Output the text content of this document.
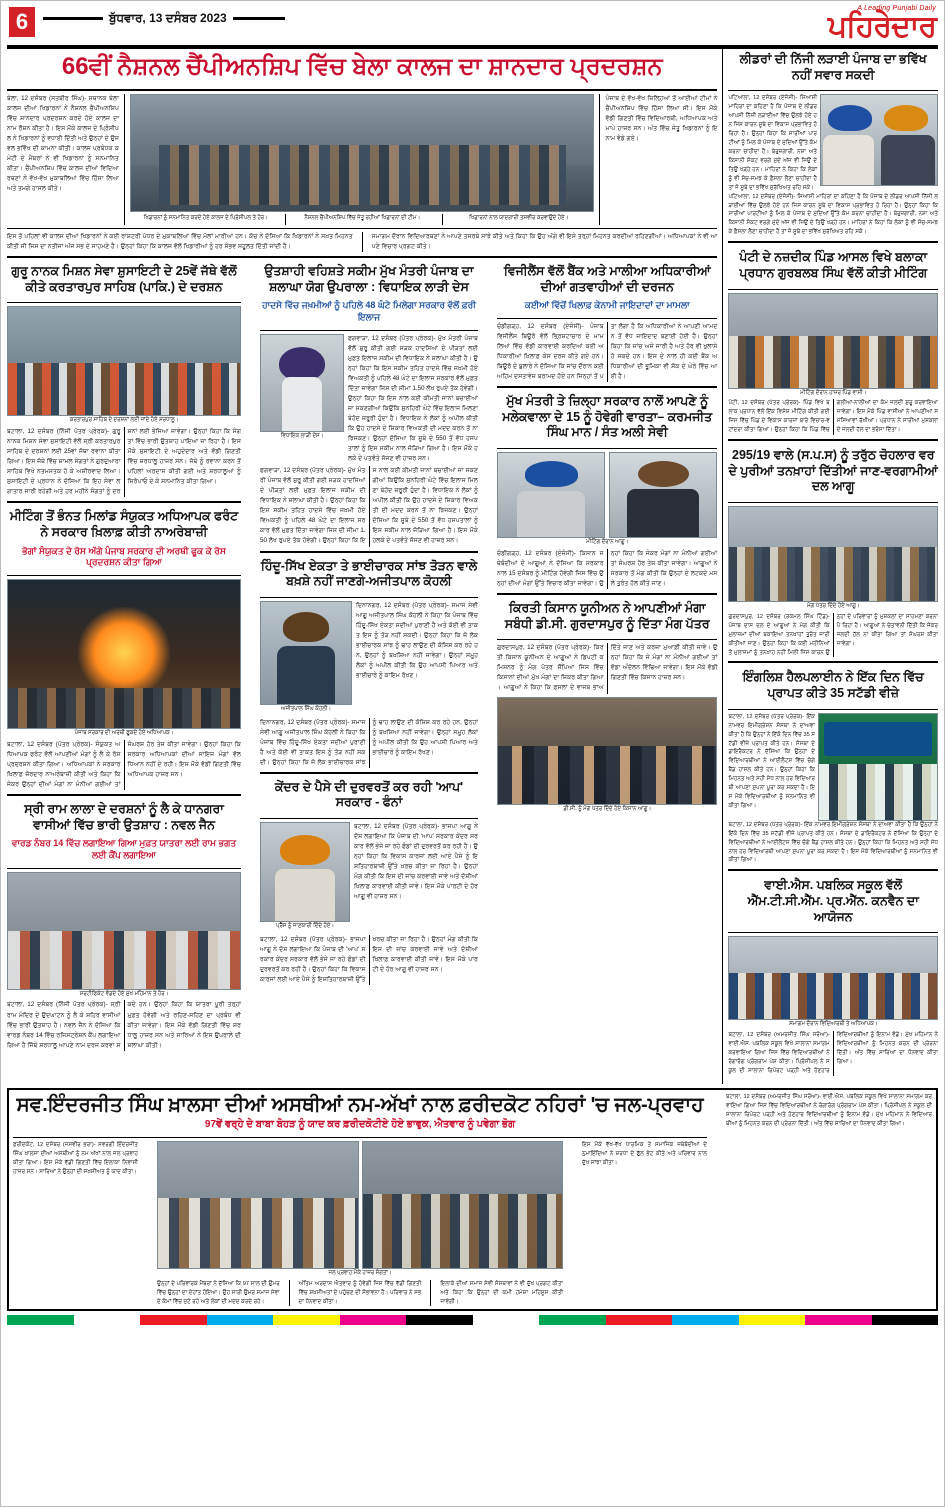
6	ਬੁੱਧਵਾਰ, 13 ਦਸੰਬਰ 2023
A Leading Punjabi Daily
ਪਹਿਰੇਦਾਰ
66ਵੀਂ ਨੈਸ਼ਨਲ ਚੈਂਪੀਅਨਸ਼ਿਪ ਵਿੱਚ ਬੇਲਾ ਕਾਲਜ ਦਾ ਸ਼ਾਨਦਾਰ ਪ੍ਰਦਰਸ਼ਨ
ਬੇਲਾ, 12 ਦਸੰਬਰ (ਸਤਬੀਰ ਸਿੰਘ)- ਸਥਾਨਕ ਬੇਲਾ ਕਾਲਜ ਦੀਆਂ ਖਿਡਾਰਨਾਂ ਨੇ ਨੈਸ਼ਨਲ ਚੈਂਪੀਅਨਸ਼ਿਪ ਵਿੱਚ ਸ਼ਾਨਦਾਰ ਪ੍ਰਦਰਸ਼ਨ ਕਰਦੇ ਹੋਏ ਕਾਲਜ ਦਾ ਨਾਮ ਰੌਸ਼ਨ ਕੀਤਾ ਹੈ। ਇਸ ਮੌਕੇ ਕਾਲਜ ਦੇ ਪ੍ਰਿੰਸੀਪਲ ਨੇ ਖਿਡਾਰਨਾਂ ਨੂੰ ਵਧਾਈ ਦਿੱਤੀ ਅਤੇ ਉਨ੍ਹਾਂ ਦੇ ਉਜਵਲ ਭਵਿੱਖ ਦੀ ਕਾਮਨਾ ਕੀਤੀ। ਕਾਲਜ ਪ੍ਰਬੰਧਕ ਕਮੇਟੀ ਦੇ ਮੈਂਬਰਾਂ ਨੇ ਵੀ ਖਿਡਾਰਨਾਂ ਨੂੰ ਸਨਮਾਨਿਤ ਕੀਤਾ। ਚੈਂਪੀਅਨਸ਼ਿਪ ਵਿੱਚ ਕਾਲਜ ਦੀਆਂ ਵਿਦਿਆਰਥਣਾਂ ਨੇ ਵੱਖ-ਵੱਖ ਮੁਕਾਬਲਿਆਂ ਵਿੱਚ ਹਿੱਸਾ ਲਿਆ ਅਤੇ ਤਮਗੇ ਹਾਸਲ ਕੀਤੇ।
ਖਿਡਾਰਨਾਂ ਨੂੰ ਸਨਮਾਨਿਤ ਕਰਦੇ ਹੋਏ ਕਾਲਜ ਦੇ ਪ੍ਰਿੰਸੀਪਲ ਤੇ ਹੋਰ।	ਨੈਸ਼ਨਲ ਚੈਂਪੀਅਨਸ਼ਿਪ ਵਿੱਚ ਜੇਤੂ ਰਹੀਆਂ ਖਿਡਾਰਨਾਂ ਦੀ ਟੀਮ।	ਖਿਡਾਰਨਾਂ ਨਾਲ ਯਾਦਗਾਰੀ ਤਸਵੀਰ ਕਰਵਾਉਂਦੇ ਹੋਏ।
ਪੰਜਾਬ ਦੇ ਵੱਖ-ਵੱਖ ਜ਼ਿਲ੍ਹਿਆਂ ਤੋਂ ਆਈਆਂ ਟੀਮਾਂ ਨੇ ਚੈਂਪੀਅਨਸ਼ਿਪ ਵਿੱਚ ਹਿੱਸਾ ਲਿਆ ਸੀ। ਇਸ ਮੌਕੇ ਵੱਡੀ ਗਿਣਤੀ ਵਿੱਚ ਵਿਦਿਆਰਥੀ, ਅਧਿਆਪਕ ਅਤੇ ਮਾਪੇ ਹਾਜ਼ਰ ਸਨ। ਅੰਤ ਵਿੱਚ ਜੇਤੂ ਖਿਡਾਰਨਾਂ ਨੂੰ ਇਨਾਮ ਵੰਡੇ ਗਏ।
ਇਸ ਤੋਂ ਪਹਿਲਾਂ ਵੀ ਕਾਲਜ ਦੀਆਂ ਖਿਡਾਰਨਾਂ ਨੇ ਕਈ ਰਾਸ਼ਟਰੀ ਪੱਧਰ ਦੇ ਮੁਕਾਬਲਿਆਂ ਵਿੱਚ ਮੱਲਾਂ ਮਾਰੀਆਂ ਹਨ। ਕੋਚ ਨੇ ਦੱਸਿਆ ਕਿ ਖਿਡਾਰਨਾਂ ਨੇ ਸਖ਼ਤ ਮਿਹਨਤ ਕੀਤੀ ਸੀ ਜਿਸ ਦਾ ਨਤੀਜਾ ਅੱਜ ਸਭ ਦੇ ਸਾਹਮਣੇ ਹੈ। ਉਨ੍ਹਾਂ ਕਿਹਾ ਕਿ ਕਾਲਜ ਵੱਲੋਂ ਖਿਡਾਰੀਆਂ ਨੂੰ ਹਰ ਸੰਭਵ ਸਹੂਲਤ ਦਿੱਤੀ ਜਾਂਦੀ ਹੈ।
ਸਮਾਗਮ ਦੌਰਾਨ ਵਿਦਿਆਰਥਣਾਂ ਨੇ ਆਪਣੇ ਤਜਰਬੇ ਸਾਂਝੇ ਕੀਤੇ ਅਤੇ ਕਿਹਾ ਕਿ ਉਹ ਅੱਗੇ ਵੀ ਇਸੇ ਤਰ੍ਹਾਂ ਮਿਹਨਤ ਕਰਦੀਆਂ ਰਹਿਣਗੀਆਂ। ਅਧਿਆਪਕਾਂ ਨੇ ਵੀ ਆਪਣੇ ਵਿਚਾਰ ਪ੍ਰਗਟ ਕੀਤੇ।
ਗੁਰੂ ਨਾਨਕ ਮਿਸ਼ਨ ਸੇਵਾ ਸ਼ੁਸਾਇਟੀ ਦੇ 25ਵੇਂ ਜੱਥੇ ਵੱਲੋਂ ਕੀਤੇ ਕਰਤਾਰਪੁਰ ਸਾਹਿਬ (ਪਾਕਿ.) ਦੇ ਦਰਸ਼ਨ
ਕਰਤਾਰਪੁਰ ਸਾਹਿਬ ਦੇ ਦਰਸ਼ਨਾਂ ਲਈ ਜਾਂਦੇ ਹੋਏ ਸ਼ਰਧਾਲੂ।
ਬਟਾਲਾ, 12 ਦਸੰਬਰ (ਨਿੱਜੀ ਪੱਤਰ ਪ੍ਰੇਰਕ)- ਗੁਰੂ ਨਾਨਕ ਮਿਸ਼ਨ ਸੇਵਾ ਸੁਸਾਇਟੀ ਵੱਲੋਂ ਸ੍ਰੀ ਕਰਤਾਰਪੁਰ ਸਾਹਿਬ ਦੇ ਦਰਸ਼ਨਾਂ ਲਈ 25ਵਾਂ ਜੱਥਾ ਰਵਾਨਾ ਕੀਤਾ ਗਿਆ। ਇਸ ਜੱਥੇ ਵਿੱਚ ਸ਼ਾਮਲ ਸੰਗਤਾਂ ਨੇ ਗੁਰਦੁਆਰਾ ਸਾਹਿਬ ਵਿਖੇ ਨਤਮਸਤਕ ਹੋ ਕੇ ਅਸ਼ੀਰਵਾਦ ਲਿਆ। ਸੁਸਾਇਟੀ ਦੇ ਪ੍ਰਧਾਨ ਨੇ ਦੱਸਿਆ ਕਿ ਇਹ ਸੇਵਾ ਲਗਾਤਾਰ ਜਾਰੀ ਰਹੇਗੀ ਅਤੇ ਹਰ ਮਹੀਨੇ ਸੰਗਤਾਂ ਨੂੰ ਦਰਸ਼ਨਾਂ ਲਈ ਭੇਜਿਆ ਜਾਵੇਗਾ। ਉਨ੍ਹਾਂ ਕਿਹਾ ਕਿ ਸੰਗਤਾਂ ਵਿੱਚ ਭਾਰੀ ਉਤਸ਼ਾਹ ਪਾਇਆ ਜਾ ਰਿਹਾ ਹੈ। ਇਸ ਮੌਕੇ ਸੁਸਾਇਟੀ ਦੇ ਅਹੁਦੇਦਾਰ ਅਤੇ ਵੱਡੀ ਗਿਣਤੀ ਵਿੱਚ ਸ਼ਰਧਾਲੂ ਹਾਜ਼ਰ ਸਨ। ਜੱਥੇ ਨੂੰ ਰਵਾਨਾ ਕਰਨ ਤੋਂ ਪਹਿਲਾਂ ਅਰਦਾਸ ਕੀਤੀ ਗਈ ਅਤੇ ਸ਼ਰਧਾਲੂਆਂ ਨੂੰ ਸਿਰੋਪਾਓ ਦੇ ਕੇ ਸਨਮਾਨਿਤ ਕੀਤਾ ਗਿਆ।
ਮੀਟਿੰਗ ਤੋਂ ਭੰਨਤ ਮਿਲਾਂਡ ਸੰਯੁਕਤ ਅਧਿਆਪਕ ਫਰੰਟ ਨੇ ਸਰਕਾਰ ਖ਼ਿਲਾਫ਼ ਕੀਤੀ ਨਾਅਰੇਬਾਜ਼ੀ
ਭੋਗਾਂ ਸੰਯੁਕਤ ਦੇ ਰੋਸ ਅੱਗੇ ਪੰਜਾਬ ਸਰਕਾਰ ਦੀ ਅਰਥੀ ਫੂਕ ਕੇ ਰੋਸ ਪ੍ਰਦਰਸ਼ਨ ਕੀਤਾ ਗਿਆ
ਪੰਜਾਬ ਸਰਕਾਰ ਦੀ ਅਰਥੀ ਫੂਕਦੇ ਹੋਏ ਅਧਿਆਪਕ।
ਬਟਾਲਾ, 12 ਦਸੰਬਰ (ਪੱਤਰ ਪ੍ਰੇਰਕ)- ਸੰਯੁਕਤ ਅਧਿਆਪਕ ਫਰੰਟ ਵੱਲੋਂ ਆਪਣੀਆਂ ਮੰਗਾਂ ਨੂੰ ਲੈ ਕੇ ਰੋਸ ਪ੍ਰਦਰਸ਼ਨ ਕੀਤਾ ਗਿਆ। ਅਧਿਆਪਕਾਂ ਨੇ ਸਰਕਾਰ ਖ਼ਿਲਾਫ਼ ਜ਼ੋਰਦਾਰ ਨਾਅਰੇਬਾਜ਼ੀ ਕੀਤੀ ਅਤੇ ਕਿਹਾ ਕਿ ਜੇਕਰ ਉਨ੍ਹਾਂ ਦੀਆਂ ਮੰਗਾਂ ਨਾ ਮੰਨੀਆਂ ਗਈਆਂ ਤਾਂ ਸੰਘਰਸ਼ ਹੋਰ ਤੇਜ਼ ਕੀਤਾ ਜਾਵੇਗਾ। ਉਨ੍ਹਾਂ ਕਿਹਾ ਕਿ ਸਰਕਾਰ ਅਧਿਆਪਕਾਂ ਦੀਆਂ ਜਾਇਜ਼ ਮੰਗਾਂ ਵੱਲ ਧਿਆਨ ਨਹੀਂ ਦੇ ਰਹੀ। ਇਸ ਮੌਕੇ ਵੱਡੀ ਗਿਣਤੀ ਵਿੱਚ ਅਧਿਆਪਕ ਹਾਜ਼ਰ ਸਨ।
ਸ੍ਰੀ ਰਾਮ ਲਾਲਾ ਦੇ ਦਰਸ਼ਨਾਂ ਨੂੰ ਲੈ ਕੇ ਧਾਨਗਰਾ ਵਾਸੀਆਂ ਵਿੱਚ ਭਾਰੀ ਉਤਸ਼ਾਹ : ਨਵਲ ਜੈਨ
ਵਾਰਡ ਨੰਬਰ 14 ਵਿੱਚ ਲਗਾਇਆ ਗਿਆ ਮੁਫ਼ਤ ਯਾਤਰਾ ਲਈ ਰਾਮ ਭਗਤ ਲਈ ਕੈਂਪ ਲਗਾਇਆ
ਸਰਟੀਫਿਕੇਟ ਵੰਡਦੇ ਹੋਏ ਮੁੱਖ ਮਹਿਮਾਨ ਤੇ ਹੋਰ।
ਬਟਾਲਾ, 12 ਦਸੰਬਰ (ਨਿੱਜੀ ਪੱਤਰ ਪ੍ਰੇਰਕ)- ਸ੍ਰੀ ਰਾਮ ਮੰਦਿਰ ਦੇ ਉਦਘਾਟਨ ਨੂੰ ਲੈ ਕੇ ਸ਼ਹਿਰ ਵਾਸੀਆਂ ਵਿੱਚ ਭਾਰੀ ਉਤਸ਼ਾਹ ਹੈ। ਨਵਲ ਜੈਨ ਨੇ ਦੱਸਿਆ ਕਿ ਵਾਰਡ ਨੰਬਰ 14 ਵਿੱਚ ਰਜਿਸਟ੍ਰੇਸ਼ਨ ਕੈਂਪ ਲਗਾਇਆ ਗਿਆ ਹੈ ਜਿੱਥੇ ਸ਼ਰਧਾਲੂ ਆਪਣੇ ਨਾਮ ਦਰਜ ਕਰਵਾ ਸਕਦੇ ਹਨ। ਉਨ੍ਹਾਂ ਕਿਹਾ ਕਿ ਯਾਤਰਾ ਪੂਰੀ ਤਰ੍ਹਾਂ ਮੁਫ਼ਤ ਹੋਵੇਗੀ ਅਤੇ ਰਹਿਣ-ਸਹਿਣ ਦਾ ਪ੍ਰਬੰਧ ਵੀ ਕੀਤਾ ਜਾਵੇਗਾ। ਇਸ ਮੌਕੇ ਵੱਡੀ ਗਿਣਤੀ ਵਿੱਚ ਸ਼ਰਧਾਲੂ ਹਾਜ਼ਰ ਸਨ ਅਤੇ ਸਾਰਿਆਂ ਨੇ ਇਸ ਉਪਰਾਲੇ ਦੀ ਸ਼ਲਾਘਾ ਕੀਤੀ।
ਉਤਸ਼ਾਹੀ ਵਹਿਸ਼ਤੇ ਸਕੀਮ ਮੁੱਖ ਮੰਤਰੀ ਪੰਜਾਬ ਦਾ ਸ਼ਲਾਘਾ ਯੋਗ ਉਪਰਾਲਾ : ਵਿਧਾਇਕ ਲਾੜੀ ਦੇਸ
ਹਾਦਸੇ ਵਿੱਚ ਜਖ਼ਮੀਆਂ ਨੂੰ ਪਹਿਲੇ 48 ਘੰਟੇ ਮਿਲੇਗਾ ਸਰਕਾਰ ਵੱਲੋਂ ਫ਼ਰੀ ਇਲਾਜ
ਵਿਧਾਇਕ ਲਾੜੀ ਦੇਸ।
ਫਗਵਾੜਾ, 12 ਦਸੰਬਰ (ਪੱਤਰ ਪ੍ਰੇਰਕ)- ਮੁੱਖ ਮੰਤਰੀ ਪੰਜਾਬ ਵੱਲੋਂ ਸ਼ੁਰੂ ਕੀਤੀ ਗਈ ਸੜਕ ਹਾਦਸਿਆਂ ਦੇ ਪੀੜਤਾਂ ਲਈ ਮੁਫ਼ਤ ਇਲਾਜ ਸਕੀਮ ਦੀ ਵਿਧਾਇਕ ਨੇ ਸ਼ਲਾਘਾ ਕੀਤੀ ਹੈ। ਉਨ੍ਹਾਂ ਕਿਹਾ ਕਿ ਇਸ ਸਕੀਮ ਤਹਿਤ ਹਾਦਸੇ ਵਿੱਚ ਜਖ਼ਮੀ ਹੋਏ ਵਿਅਕਤੀ ਨੂੰ ਪਹਿਲੇ 48 ਘੰਟੇ ਦਾ ਇਲਾਜ ਸਰਕਾਰ ਵੱਲੋਂ ਮੁਫ਼ਤ ਦਿੱਤਾ ਜਾਵੇਗਾ ਜਿਸ ਦੀ ਸੀਮਾ 1.50 ਲੱਖ ਰੁਪਏ ਤੱਕ ਹੋਵੇਗੀ। ਉਨ੍ਹਾਂ ਕਿਹਾ ਕਿ ਇਸ ਨਾਲ ਕਈ ਕੀਮਤੀ ਜਾਨਾਂ ਬਚਾਈਆਂ ਜਾ ਸਕਣਗੀਆਂ ਕਿਉਂਕਿ ਸੁਨਹਿਰੀ ਘੰਟੇ ਵਿੱਚ ਇਲਾਜ ਮਿਲਣਾ ਬੇਹੱਦ ਜ਼ਰੂਰੀ ਹੁੰਦਾ ਹੈ। ਵਿਧਾਇਕ ਨੇ ਲੋਕਾਂ ਨੂੰ ਅਪੀਲ ਕੀਤੀ ਕਿ ਉਹ ਹਾਦਸੇ ਦੇ ਸ਼ਿਕਾਰ ਵਿਅਕਤੀ ਦੀ ਮਦਦ ਕਰਨ ਤੋਂ ਨਾ ਝਿਜਕਣ। ਉਨ੍ਹਾਂ ਦੱਸਿਆ ਕਿ ਸੂਬੇ ਦੇ 550 ਤੋਂ ਵੱਧ ਹਸਪਤਾਲਾਂ ਨੂੰ ਇਸ ਸਕੀਮ ਨਾਲ ਜੋੜਿਆ ਗਿਆ ਹੈ। ਇਸ ਮੌਕੇ ਹਲਕੇ ਦੇ ਪਤਵੰਤੇ ਸੱਜਣ ਵੀ ਹਾਜ਼ਰ ਸਨ।
ਫਗਵਾੜਾ, 12 ਦਸੰਬਰ (ਪੱਤਰ ਪ੍ਰੇਰਕ)- ਮੁੱਖ ਮੰਤਰੀ ਪੰਜਾਬ ਵੱਲੋਂ ਸ਼ੁਰੂ ਕੀਤੀ ਗਈ ਸੜਕ ਹਾਦਸਿਆਂ ਦੇ ਪੀੜਤਾਂ ਲਈ ਮੁਫ਼ਤ ਇਲਾਜ ਸਕੀਮ ਦੀ ਵਿਧਾਇਕ ਨੇ ਸ਼ਲਾਘਾ ਕੀਤੀ ਹੈ। ਉਨ੍ਹਾਂ ਕਿਹਾ ਕਿ ਇਸ ਸਕੀਮ ਤਹਿਤ ਹਾਦਸੇ ਵਿੱਚ ਜਖ਼ਮੀ ਹੋਏ ਵਿਅਕਤੀ ਨੂੰ ਪਹਿਲੇ 48 ਘੰਟੇ ਦਾ ਇਲਾਜ ਸਰਕਾਰ ਵੱਲੋਂ ਮੁਫ਼ਤ ਦਿੱਤਾ ਜਾਵੇਗਾ ਜਿਸ ਦੀ ਸੀਮਾ 1.50 ਲੱਖ ਰੁਪਏ ਤੱਕ ਹੋਵੇਗੀ। ਉਨ੍ਹਾਂ ਕਿਹਾ ਕਿ ਇਸ ਨਾਲ ਕਈ ਕੀਮਤੀ ਜਾਨਾਂ ਬਚਾਈਆਂ ਜਾ ਸਕਣਗੀਆਂ ਕਿਉਂਕਿ ਸੁਨਹਿਰੀ ਘੰਟੇ ਵਿੱਚ ਇਲਾਜ ਮਿਲਣਾ ਬੇਹੱਦ ਜ਼ਰੂਰੀ ਹੁੰਦਾ ਹੈ। ਵਿਧਾਇਕ ਨੇ ਲੋਕਾਂ ਨੂੰ ਅਪੀਲ ਕੀਤੀ ਕਿ ਉਹ ਹਾਦਸੇ ਦੇ ਸ਼ਿਕਾਰ ਵਿਅਕਤੀ ਦੀ ਮਦਦ ਕਰਨ ਤੋਂ ਨਾ ਝਿਜਕਣ। ਉਨ੍ਹਾਂ ਦੱਸਿਆ ਕਿ ਸੂਬੇ ਦੇ 550 ਤੋਂ ਵੱਧ ਹਸਪਤਾਲਾਂ ਨੂੰ ਇਸ ਸਕੀਮ ਨਾਲ ਜੋੜਿਆ ਗਿਆ ਹੈ। ਇਸ ਮੌਕੇ ਹਲਕੇ ਦੇ ਪਤਵੰਤੇ ਸੱਜਣ ਵੀ ਹਾਜ਼ਰ ਸਨ।
ਹਿੰਦੂ-ਸਿੱਖ ਏਕਤਾ ਤੇ ਭਾਈਚਾਰਕ ਸਾਂਝ ਤੋੜਨ ਵਾਲੇ ਬਖ਼ਸ਼ੇ ਨਹੀਂ ਜਾਣਗੇ-ਅਜੀਤਪਾਲ ਕੋਹਲੀ
ਅਜੀਤਪਾਲ ਸਿੰਘ ਕੋਹਲੀ।
ਦਿਨਾਨਗਰ, 12 ਦਸੰਬਰ (ਪੱਤਰ ਪ੍ਰੇਰਕ)- ਸਮਾਜ ਸੇਵੀ ਆਗੂ ਅਜੀਤਪਾਲ ਸਿੰਘ ਕੋਹਲੀ ਨੇ ਕਿਹਾ ਕਿ ਪੰਜਾਬ ਵਿੱਚ ਹਿੰਦੂ-ਸਿੱਖ ਏਕਤਾ ਸਦੀਆਂ ਪੁਰਾਣੀ ਹੈ ਅਤੇ ਕੋਈ ਵੀ ਤਾਕਤ ਇਸ ਨੂੰ ਤੋੜ ਨਹੀਂ ਸਕਦੀ। ਉਨ੍ਹਾਂ ਕਿਹਾ ਕਿ ਜੋ ਲੋਕ ਭਾਈਚਾਰਕ ਸਾਂਝ ਨੂੰ ਢਾਹ ਲਾਉਣ ਦੀ ਕੋਸ਼ਿਸ਼ ਕਰ ਰਹੇ ਹਨ, ਉਨ੍ਹਾਂ ਨੂੰ ਬਖ਼ਸ਼ਿਆ ਨਹੀਂ ਜਾਵੇਗਾ। ਉਨ੍ਹਾਂ ਸਮੂਹ ਲੋਕਾਂ ਨੂੰ ਅਪੀਲ ਕੀਤੀ ਕਿ ਉਹ ਆਪਸੀ ਪਿਆਰ ਅਤੇ ਭਾਈਚਾਰੇ ਨੂੰ ਕਾਇਮ ਰੱਖਣ।
ਦਿਨਾਨਗਰ, 12 ਦਸੰਬਰ (ਪੱਤਰ ਪ੍ਰੇਰਕ)- ਸਮਾਜ ਸੇਵੀ ਆਗੂ ਅਜੀਤਪਾਲ ਸਿੰਘ ਕੋਹਲੀ ਨੇ ਕਿਹਾ ਕਿ ਪੰਜਾਬ ਵਿੱਚ ਹਿੰਦੂ-ਸਿੱਖ ਏਕਤਾ ਸਦੀਆਂ ਪੁਰਾਣੀ ਹੈ ਅਤੇ ਕੋਈ ਵੀ ਤਾਕਤ ਇਸ ਨੂੰ ਤੋੜ ਨਹੀਂ ਸਕਦੀ। ਉਨ੍ਹਾਂ ਕਿਹਾ ਕਿ ਜੋ ਲੋਕ ਭਾਈਚਾਰਕ ਸਾਂਝ ਨੂੰ ਢਾਹ ਲਾਉਣ ਦੀ ਕੋਸ਼ਿਸ਼ ਕਰ ਰਹੇ ਹਨ, ਉਨ੍ਹਾਂ ਨੂੰ ਬਖ਼ਸ਼ਿਆ ਨਹੀਂ ਜਾਵੇਗਾ। ਉਨ੍ਹਾਂ ਸਮੂਹ ਲੋਕਾਂ ਨੂੰ ਅਪੀਲ ਕੀਤੀ ਕਿ ਉਹ ਆਪਸੀ ਪਿਆਰ ਅਤੇ ਭਾਈਚਾਰੇ ਨੂੰ ਕਾਇਮ ਰੱਖਣ।
ਕੇਂਦਰ ਦੇ ਪੈਸੇ ਦੀ ਦੁਰਵਰਤੋਂ ਕਰ ਰਹੀ 'ਆਪ' ਸਰਕਾਰ - ਫੰਨਾਂ
ਪ੍ਰੈੱਸ ਨੂੰ ਜਾਣਕਾਰੀ ਦਿੰਦੇ ਹੋਏ।
ਬਟਾਲਾ, 12 ਦਸੰਬਰ (ਪੱਤਰ ਪ੍ਰੇਰਕ)- ਭਾਜਪਾ ਆਗੂ ਨੇ ਦੋਸ਼ ਲਗਾਇਆ ਕਿ ਪੰਜਾਬ ਦੀ 'ਆਪ' ਸਰਕਾਰ ਕੇਂਦਰ ਸਰਕਾਰ ਵੱਲੋਂ ਭੇਜੇ ਜਾ ਰਹੇ ਫੰਡਾਂ ਦੀ ਦੁਰਵਰਤੋਂ ਕਰ ਰਹੀ ਹੈ। ਉਨ੍ਹਾਂ ਕਿਹਾ ਕਿ ਵਿਕਾਸ ਕਾਰਜਾਂ ਲਈ ਆਏ ਪੈਸੇ ਨੂੰ ਇਸ਼ਤਿਹਾਰਬਾਜ਼ੀ ਉੱਤੇ ਖ਼ਰਚ ਕੀਤਾ ਜਾ ਰਿਹਾ ਹੈ। ਉਨ੍ਹਾਂ ਮੰਗ ਕੀਤੀ ਕਿ ਇਸ ਦੀ ਜਾਂਚ ਕਰਵਾਈ ਜਾਵੇ ਅਤੇ ਦੋਸ਼ੀਆਂ ਖ਼ਿਲਾਫ਼ ਕਾਰਵਾਈ ਕੀਤੀ ਜਾਵੇ। ਇਸ ਮੌਕੇ ਪਾਰਟੀ ਦੇ ਹੋਰ ਆਗੂ ਵੀ ਹਾਜ਼ਰ ਸਨ।
ਬਟਾਲਾ, 12 ਦਸੰਬਰ (ਪੱਤਰ ਪ੍ਰੇਰਕ)- ਭਾਜਪਾ ਆਗੂ ਨੇ ਦੋਸ਼ ਲਗਾਇਆ ਕਿ ਪੰਜਾਬ ਦੀ 'ਆਪ' ਸਰਕਾਰ ਕੇਂਦਰ ਸਰਕਾਰ ਵੱਲੋਂ ਭੇਜੇ ਜਾ ਰਹੇ ਫੰਡਾਂ ਦੀ ਦੁਰਵਰਤੋਂ ਕਰ ਰਹੀ ਹੈ। ਉਨ੍ਹਾਂ ਕਿਹਾ ਕਿ ਵਿਕਾਸ ਕਾਰਜਾਂ ਲਈ ਆਏ ਪੈਸੇ ਨੂੰ ਇਸ਼ਤਿਹਾਰਬਾਜ਼ੀ ਉੱਤੇ ਖ਼ਰਚ ਕੀਤਾ ਜਾ ਰਿਹਾ ਹੈ। ਉਨ੍ਹਾਂ ਮੰਗ ਕੀਤੀ ਕਿ ਇਸ ਦੀ ਜਾਂਚ ਕਰਵਾਈ ਜਾਵੇ ਅਤੇ ਦੋਸ਼ੀਆਂ ਖ਼ਿਲਾਫ਼ ਕਾਰਵਾਈ ਕੀਤੀ ਜਾਵੇ। ਇਸ ਮੌਕੇ ਪਾਰਟੀ ਦੇ ਹੋਰ ਆਗੂ ਵੀ ਹਾਜ਼ਰ ਸਨ।
ਵਿਜੀਲੈਂਸ ਵੱਲੋਂ ਬੈਂਕ ਅਤੇ ਮਾਲੀਆ ਅਧਿਕਾਰੀਆਂ ਦੀਆਂ ਗਤਵਾਹੀਆਂ ਦੀ ਦਰਜਨ
ਕਈਆਂ ਵਿੱਚੋਂ ਖਿਲਾਫ਼ ਕੇਨਾਮੀ ਜਾਇਦਾਦਾਂ ਦਾ ਮਾਮਲਾ
ਚੰਡੀਗੜ੍ਹ, 12 ਦਸੰਬਰ (ਏਜੰਸੀ)- ਪੰਜਾਬ ਵਿਜੀਲੈਂਸ ਬਿਊਰੋ ਵੱਲੋਂ ਭ੍ਰਿਸ਼ਟਾਚਾਰ ਦੇ ਮਾਮਲਿਆਂ ਵਿੱਚ ਵੱਡੀ ਕਾਰਵਾਈ ਕਰਦਿਆਂ ਕਈ ਅਧਿਕਾਰੀਆਂ ਖ਼ਿਲਾਫ਼ ਕੇਸ ਦਰਜ ਕੀਤੇ ਗਏ ਹਨ। ਬਿਊਰੋ ਦੇ ਬੁਲਾਰੇ ਨੇ ਦੱਸਿਆ ਕਿ ਜਾਂਚ ਦੌਰਾਨ ਕਈ ਅਹਿਮ ਦਸਤਾਵੇਜ਼ ਬਰਾਮਦ ਹੋਏ ਹਨ ਜਿਨ੍ਹਾਂ ਤੋਂ ਪਤਾ ਲੱਗਾ ਹੈ ਕਿ ਅਧਿਕਾਰੀਆਂ ਨੇ ਆਪਣੀ ਆਮਦਨ ਤੋਂ ਵੱਧ ਜਾਇਦਾਦ ਬਣਾਈ ਹੋਈ ਹੈ। ਉਨ੍ਹਾਂ ਕਿਹਾ ਕਿ ਜਾਂਚ ਅਜੇ ਜਾਰੀ ਹੈ ਅਤੇ ਹੋਰ ਵੀ ਖੁਲਾਸੇ ਹੋ ਸਕਦੇ ਹਨ। ਇਸ ਦੇ ਨਾਲ ਹੀ ਕਈ ਬੈਂਕ ਅਧਿਕਾਰੀਆਂ ਦੀ ਭੂਮਿਕਾ ਵੀ ਸ਼ੱਕ ਦੇ ਘੇਰੇ ਵਿੱਚ ਆਈ ਹੈ।
ਮੁੱਖ ਮੰਤਰੀ ਤੇ ਜ਼ਿਲ੍ਹਾ ਸਰਕਾਰ ਨਾਲੋਂ ਆਪਣੇ ਨੂੰ ਮਲੇਕਵਾਲਾ ਦੇ 15 ਨੂੰ ਹੋਵੇਗੀ ਵਾਰਤਾ– ਕਰਮਜੀਤ ਸਿੰਘ ਮਾਨ / ਸੰਤ ਅਲੀ ਸੇਵੀ
ਮੀਟਿੰਗ ਦੌਰਾਨ ਆਗੂ।
ਚੰਡੀਗੜ੍ਹ, 12 ਦਸੰਬਰ (ਏਜੰਸੀ)- ਕਿਸਾਨ ਜਥੇਬੰਦੀਆਂ ਦੇ ਆਗੂਆਂ ਨੇ ਦੱਸਿਆ ਕਿ ਸਰਕਾਰ ਨਾਲ 15 ਦਸੰਬਰ ਨੂੰ ਮੀਟਿੰਗ ਹੋਵੇਗੀ ਜਿਸ ਵਿੱਚ ਉਨ੍ਹਾਂ ਦੀਆਂ ਮੰਗਾਂ ਉੱਤੇ ਵਿਚਾਰ ਕੀਤਾ ਜਾਵੇਗਾ। ਉਨ੍ਹਾਂ ਕਿਹਾ ਕਿ ਜੇਕਰ ਮੰਗਾਂ ਨਾ ਮੰਨੀਆਂ ਗਈਆਂ ਤਾਂ ਸੰਘਰਸ਼ ਹੋਰ ਤੇਜ਼ ਕੀਤਾ ਜਾਵੇਗਾ। ਆਗੂਆਂ ਨੇ ਸਰਕਾਰ ਤੋਂ ਮੰਗ ਕੀਤੀ ਕਿ ਉਨ੍ਹਾਂ ਦੇ ਲਟਕਦੇ ਮਸਲੇ ਤੁਰੰਤ ਹੱਲ ਕੀਤੇ ਜਾਣ।
ਕਿਰਤੀ ਕਿਸਾਨ ਯੂਨੀਅਨ ਨੇ ਆਪਣੀਆਂ ਮੰਗਾ ਸਬੰਧੀ ਡੀ.ਸੀ. ਗੁਰਦਾਸਪੁਰ ਨੂੰ ਦਿੱਤਾ ਮੰਗ ਪੱਤਰ
ਗੁਰਦਾਸਪੁਰ, 12 ਦਸੰਬਰ (ਪੱਤਰ ਪ੍ਰੇਰਕ)- ਕਿਰਤੀ ਕਿਸਾਨ ਯੂਨੀਅਨ ਦੇ ਆਗੂਆਂ ਨੇ ਡਿਪਟੀ ਕਮਿਸ਼ਨਰ ਨੂੰ ਮੰਗ ਪੱਤਰ ਸੌਂਪਿਆ ਜਿਸ ਵਿੱਚ ਕਿਸਾਨਾਂ ਦੀਆਂ ਮੁੱਖ ਮੰਗਾਂ ਦਾ ਜ਼ਿਕਰ ਕੀਤਾ ਗਿਆ। ਆਗੂਆਂ ਨੇ ਕਿਹਾ ਕਿ ਫ਼ਸਲਾਂ ਦੇ ਵਾਜਬ ਭਾਅ ਦਿੱਤੇ ਜਾਣ ਅਤੇ ਕਰਜ਼ਾ ਮੁਆਫ਼ੀ ਕੀਤੀ ਜਾਵੇ। ਉਨ੍ਹਾਂ ਕਿਹਾ ਕਿ ਜੇ ਮੰਗਾਂ ਨਾ ਮੰਨੀਆਂ ਗਈਆਂ ਤਾਂ ਵੱਡਾ ਅੰਦੋਲਨ ਵਿੱਢਿਆ ਜਾਵੇਗਾ। ਇਸ ਮੌਕੇ ਵੱਡੀ ਗਿਣਤੀ ਵਿੱਚ ਕਿਸਾਨ ਹਾਜ਼ਰ ਸਨ।
ਡੀ.ਸੀ. ਨੂੰ ਮੰਗ ਪੱਤਰ ਦਿੰਦੇ ਹੋਏ ਕਿਸਾਨ ਆਗੂ।
ਲੀਡਰਾਂ ਦੀ ਨਿੱਜੀ ਲੜਾਈ ਪੰਜਾਬ ਦਾ ਭਵਿੱਖ ਨਹੀਂ ਸਵਾਰ ਸਕਦੀ
ਪਟਿਆਲਾ, 12 ਦਸੰਬਰ (ਏਜੰਸੀ)- ਸਿਆਸੀ ਮਾਹਿਰਾਂ ਦਾ ਕਹਿਣਾ ਹੈ ਕਿ ਪੰਜਾਬ ਦੇ ਲੀਡਰ ਆਪਸੀ ਨਿੱਜੀ ਲੜਾਈਆਂ ਵਿੱਚ ਉਲਝੇ ਹੋਏ ਹਨ ਜਿਸ ਕਾਰਨ ਸੂਬੇ ਦਾ ਵਿਕਾਸ ਪ੍ਰਭਾਵਿਤ ਹੋ ਰਿਹਾ ਹੈ। ਉਨ੍ਹਾਂ ਕਿਹਾ ਕਿ ਸਾਰੀਆਂ ਪਾਰਟੀਆਂ ਨੂੰ ਮਿਲ ਕੇ ਪੰਜਾਬ ਦੇ ਮੁੱਦਿਆਂ ਉੱਤੇ ਕੰਮ ਕਰਨਾ ਚਾਹੀਦਾ ਹੈ। ਬੇਰੁਜ਼ਗਾਰੀ, ਨਸ਼ਾ ਅਤੇ ਕਿਸਾਨੀ ਸੰਕਟ ਵਰਗੇ ਮੁੱਦੇ ਅੱਜ ਵੀ ਜਿਉਂ ਦੇ ਤਿਉਂ ਖੜ੍ਹੇ ਹਨ। ਮਾਹਿਰਾਂ ਨੇ ਕਿਹਾ ਕਿ ਲੋਕਾਂ ਨੂੰ ਵੀ ਸੋਚ-ਸਮਝ ਕੇ ਫ਼ੈਸਲਾ ਲੈਣਾ ਚਾਹੀਦਾ ਹੈ ਤਾਂ ਜੋ ਸੂਬੇ ਦਾ ਭਵਿੱਖ ਸੁਰੱਖਿਅਤ ਰਹਿ ਸਕੇ।
ਪਟਿਆਲਾ, 12 ਦਸੰਬਰ (ਏਜੰਸੀ)- ਸਿਆਸੀ ਮਾਹਿਰਾਂ ਦਾ ਕਹਿਣਾ ਹੈ ਕਿ ਪੰਜਾਬ ਦੇ ਲੀਡਰ ਆਪਸੀ ਨਿੱਜੀ ਲੜਾਈਆਂ ਵਿੱਚ ਉਲਝੇ ਹੋਏ ਹਨ ਜਿਸ ਕਾਰਨ ਸੂਬੇ ਦਾ ਵਿਕਾਸ ਪ੍ਰਭਾਵਿਤ ਹੋ ਰਿਹਾ ਹੈ। ਉਨ੍ਹਾਂ ਕਿਹਾ ਕਿ ਸਾਰੀਆਂ ਪਾਰਟੀਆਂ ਨੂੰ ਮਿਲ ਕੇ ਪੰਜਾਬ ਦੇ ਮੁੱਦਿਆਂ ਉੱਤੇ ਕੰਮ ਕਰਨਾ ਚਾਹੀਦਾ ਹੈ। ਬੇਰੁਜ਼ਗਾਰੀ, ਨਸ਼ਾ ਅਤੇ ਕਿਸਾਨੀ ਸੰਕਟ ਵਰਗੇ ਮੁੱਦੇ ਅੱਜ ਵੀ ਜਿਉਂ ਦੇ ਤਿਉਂ ਖੜ੍ਹੇ ਹਨ। ਮਾਹਿਰਾਂ ਨੇ ਕਿਹਾ ਕਿ ਲੋਕਾਂ ਨੂੰ ਵੀ ਸੋਚ-ਸਮਝ ਕੇ ਫ਼ੈਸਲਾ ਲੈਣਾ ਚਾਹੀਦਾ ਹੈ ਤਾਂ ਜੋ ਸੂਬੇ ਦਾ ਭਵਿੱਖ ਸੁਰੱਖਿਅਤ ਰਹਿ ਸਕੇ।
ਪੰਟੀ ਦੇ ਨਜ਼ਦੀਕ ਪਿੰਡ ਆਸਲ ਵਿਖੇ ਬਲਾਕਾ ਪ੍ਰਧਾਨ ਗੁਰਬਲਬ ਸਿੰਘ ਵੱਲੋਂ ਕੀਤੀ ਮੀਟਿੰਗ
ਮੀਟਿੰਗ ਦੌਰਾਨ ਹਾਜ਼ਰ ਪਿੰਡ ਵਾਸੀ।
ਪੰਟੀ, 12 ਦਸੰਬਰ (ਪੱਤਰ ਪ੍ਰੇਰਕ)- ਪਿੰਡ ਵਿਖੇ ਬਲਾਕ ਪ੍ਰਧਾਨ ਵੱਲੋਂ ਇੱਕ ਵਿਸ਼ੇਸ਼ ਮੀਟਿੰਗ ਕੀਤੀ ਗਈ ਜਿਸ ਵਿੱਚ ਪਿੰਡ ਦੇ ਵਿਕਾਸ ਕਾਰਜਾਂ ਬਾਰੇ ਵਿਚਾਰ-ਵਟਾਂਦਰਾ ਕੀਤਾ ਗਿਆ। ਉਨ੍ਹਾਂ ਕਿਹਾ ਕਿ ਪਿੰਡ ਵਿੱਚ ਗਲੀਆਂ-ਨਾਲੀਆਂ ਦਾ ਕੰਮ ਜਲਦੀ ਸ਼ੁਰੂ ਕਰਵਾਇਆ ਜਾਵੇਗਾ। ਇਸ ਮੌਕੇ ਪਿੰਡ ਵਾਸੀਆਂ ਨੇ ਆਪਣੀਆਂ ਸਮੱਸਿਆਵਾਂ ਰੱਖੀਆਂ। ਪ੍ਰਧਾਨ ਨੇ ਸਾਰੀਆਂ ਮੁਸ਼ਕਲਾਂ ਦੇ ਜਲਦੀ ਹੱਲ ਦਾ ਭਰੋਸਾ ਦਿੱਤਾ।
295/19 ਵਾਲੇ (ਸ.ਪ.ਸ) ਨੂੰ ਤਰੁੱਠ ਚੋਹਲਾਰ ਵਰ ਦੇ ਪੁਰੀਆਂ ਤਨਖ਼ਾਹਾਂ ਦਿੱਤੀਆਂ ਜਾਣ-ਵਰਗਾਮੀਆਂ ਦਲ ਆਗੂ
ਮੰਗ ਪੱਤਰ ਦਿੰਦੇ ਹੋਏ ਆਗੂ।
ਗੁਰਦਾਸਪੁਰ, 12 ਦਸੰਬਰ (ਰਕਮਲ ਸਿੰਘ ਟਿੰਡ)- ਪੰਜਾਬ ਦਾਸ ਦਲ ਦੇ ਆਗੂਆਂ ਨੇ ਮੰਗ ਕੀਤੀ ਕਿ ਮੁਲਾਜ਼ਮਾਂ ਦੀਆਂ ਬਕਾਇਆ ਤਨਖ਼ਾਹਾਂ ਤੁਰੰਤ ਜਾਰੀ ਕੀਤੀਆਂ ਜਾਣ। ਉਨ੍ਹਾਂ ਕਿਹਾ ਕਿ ਕਈ ਮਹੀਨਿਆਂ ਤੋਂ ਮੁਲਾਜ਼ਮਾਂ ਨੂੰ ਤਨਖ਼ਾਹ ਨਹੀਂ ਮਿਲੀ ਜਿਸ ਕਾਰਨ ਉਨ੍ਹਾਂ ਦੇ ਪਰਿਵਾਰਾਂ ਨੂੰ ਮੁਸ਼ਕਲਾਂ ਦਾ ਸਾਹਮਣਾ ਕਰਨਾ ਪੈ ਰਿਹਾ ਹੈ। ਆਗੂਆਂ ਨੇ ਚੇਤਾਵਨੀ ਦਿੱਤੀ ਕਿ ਜੇਕਰ ਜਲਦੀ ਹੱਲ ਨਾ ਕੀਤਾ ਗਿਆ ਤਾਂ ਸੰਘਰਸ਼ ਕੀਤਾ ਜਾਵੇਗਾ।
ਇੰਗਲਿਸ਼ ਹੈਲਪਲਾਈਨ ਨੇ ਇੱਕ ਦਿਨ ਵਿੱਚ ਪ੍ਰਾਪਤ ਕੀਤੇ 35 ਸਟੱਡੀ ਵੀਜ਼ੇ
ਬਟਾਲਾ, 12 ਦਸੰਬਰ (ਪੱਤਰ ਪ੍ਰੇਰਕ)- ਇੱਕ ਨਾਮਵਰ ਇਮੀਗ੍ਰੇਸ਼ਨ ਸੰਸਥਾ ਨੇ ਦਾਅਵਾ ਕੀਤਾ ਹੈ ਕਿ ਉਨ੍ਹਾਂ ਨੇ ਇੱਕੋ ਦਿਨ ਵਿੱਚ 35 ਸਟੱਡੀ ਵੀਜ਼ੇ ਪ੍ਰਾਪਤ ਕੀਤੇ ਹਨ। ਸੰਸਥਾ ਦੇ ਡਾਇਰੈਕਟਰ ਨੇ ਦੱਸਿਆ ਕਿ ਉਨ੍ਹਾਂ ਦੇ ਵਿਦਿਆਰਥੀਆਂ ਨੇ ਆਈਲੈਟਸ ਵਿੱਚ ਚੰਗੇ ਬੈਂਡ ਹਾਸਲ ਕੀਤੇ ਹਨ। ਉਨ੍ਹਾਂ ਕਿਹਾ ਕਿ ਮਿਹਨਤ ਅਤੇ ਸਹੀ ਸੇਧ ਨਾਲ ਹਰ ਵਿਦਿਆਰਥੀ ਆਪਣਾ ਸੁਪਨਾ ਪੂਰਾ ਕਰ ਸਕਦਾ ਹੈ। ਇਸ ਮੌਕੇ ਵਿਦਿਆਰਥੀਆਂ ਨੂੰ ਸਨਮਾਨਿਤ ਵੀ ਕੀਤਾ ਗਿਆ।
ਬਟਾਲਾ, 12 ਦਸੰਬਰ (ਪੱਤਰ ਪ੍ਰੇਰਕ)- ਇੱਕ ਨਾਮਵਰ ਇਮੀਗ੍ਰੇਸ਼ਨ ਸੰਸਥਾ ਨੇ ਦਾਅਵਾ ਕੀਤਾ ਹੈ ਕਿ ਉਨ੍ਹਾਂ ਨੇ ਇੱਕੋ ਦਿਨ ਵਿੱਚ 35 ਸਟੱਡੀ ਵੀਜ਼ੇ ਪ੍ਰਾਪਤ ਕੀਤੇ ਹਨ। ਸੰਸਥਾ ਦੇ ਡਾਇਰੈਕਟਰ ਨੇ ਦੱਸਿਆ ਕਿ ਉਨ੍ਹਾਂ ਦੇ ਵਿਦਿਆਰਥੀਆਂ ਨੇ ਆਈਲੈਟਸ ਵਿੱਚ ਚੰਗੇ ਬੈਂਡ ਹਾਸਲ ਕੀਤੇ ਹਨ। ਉਨ੍ਹਾਂ ਕਿਹਾ ਕਿ ਮਿਹਨਤ ਅਤੇ ਸਹੀ ਸੇਧ ਨਾਲ ਹਰ ਵਿਦਿਆਰਥੀ ਆਪਣਾ ਸੁਪਨਾ ਪੂਰਾ ਕਰ ਸਕਦਾ ਹੈ। ਇਸ ਮੌਕੇ ਵਿਦਿਆਰਥੀਆਂ ਨੂੰ ਸਨਮਾਨਿਤ ਵੀ ਕੀਤਾ ਗਿਆ।
ਵਾਈ.ਐਸ. ਪਬਲਿਕ ਸਕੂਲ ਵੱਲੋਂ ਐੱਮ.ਟੀ.ਸੀ.ਐੱਮ. ਪ੍ਰ.ਐੱਨ. ਕਨਵੈਨ ਦਾ ਆਯੋਜਨ
ਸਮਾਗਮ ਦੌਰਾਨ ਵਿਦਿਆਰਥੀ ਤੇ ਅਧਿਆਪਕ।
ਬਟਾਲਾ, 12 ਦਸੰਬਰ (ਅਮਰਜੀਤ ਸਿੰਘ ਸਰੋਆ)- ਵਾਈ.ਐਸ. ਪਬਲਿਕ ਸਕੂਲ ਵਿਖੇ ਸਾਲਾਨਾ ਸਮਾਗਮ ਕਰਵਾਇਆ ਗਿਆ ਜਿਸ ਵਿੱਚ ਵਿਦਿਆਰਥੀਆਂ ਨੇ ਰੰਗਾਰੰਗ ਪ੍ਰੋਗਰਾਮ ਪੇਸ਼ ਕੀਤਾ। ਪ੍ਰਿੰਸੀਪਲ ਨੇ ਸਕੂਲ ਦੀ ਸਾਲਾਨਾ ਰਿਪੋਰਟ ਪੜ੍ਹੀ ਅਤੇ ਹੋਣਹਾਰ ਵਿਦਿਆਰਥੀਆਂ ਨੂੰ ਇਨਾਮ ਵੰਡੇ। ਮੁੱਖ ਮਹਿਮਾਨ ਨੇ ਵਿਦਿਆਰਥੀਆਂ ਨੂੰ ਮਿਹਨਤ ਕਰਨ ਦੀ ਪ੍ਰੇਰਨਾ ਦਿੱਤੀ। ਅੰਤ ਵਿੱਚ ਸਾਰਿਆਂ ਦਾ ਧੰਨਵਾਦ ਕੀਤਾ ਗਿਆ।
ਸਵ.ਇੰਦਰਜੀਤ ਸਿੰਘ ਖ਼ਾਲਸਾ ਦੀਆਂ ਅਸਥੀਆਂ ਨਮ-ਅੱਖਾਂ ਨਾਲ ਫ਼ਰੀਦਕੋਟ ਨਹਿਰਾਂ 'ਚ ਜਲ-ਪ੍ਰਵਾਹ
97ਵੇਂ ਵਰ੍ਹੇ ਦੇ ਬਾਬਾ ਬੋਹੜ ਨੂੰ ਯਾਦ ਕਰ ਫ਼ਰੀਦਕੋਟੀਏ ਹੋਏ ਭਾਵੁਕ, ਐਤਵਾਰ ਨੂੰ ਪਵੇਗਾ ਭੋਗ
ਫ਼ਰੀਦਕੋਟ, 12 ਦਸੰਬਰ (ਜਸਵੀਰ ਭਰਾ)- ਸਵਰਗੀ ਇੰਦਰਜੀਤ ਸਿੰਘ ਖ਼ਾਲਸਾ ਦੀਆਂ ਅਸਥੀਆਂ ਨੂੰ ਨਮ ਅੱਖਾਂ ਨਾਲ ਜਲ ਪ੍ਰਵਾਹ ਕੀਤਾ ਗਿਆ। ਇਸ ਮੌਕੇ ਵੱਡੀ ਗਿਣਤੀ ਵਿੱਚ ਇਲਾਕਾ ਨਿਵਾਸੀ ਹਾਜ਼ਰ ਸਨ। ਸਾਰਿਆਂ ਨੇ ਉਨ੍ਹਾਂ ਦੀ ਸਖ਼ਸ਼ੀਅਤ ਨੂੰ ਯਾਦ ਕੀਤਾ।
ਜਲ ਪ੍ਰਵਾਹ ਮੌਕੇ ਹਾਜ਼ਰ ਸੰਗਤਾਂ।
ਉਨ੍ਹਾਂ ਦੇ ਪਰਿਵਾਰਕ ਮੈਂਬਰਾਂ ਨੇ ਦੱਸਿਆ ਕਿ 97 ਸਾਲ ਦੀ ਉਮਰ ਵਿੱਚ ਉਨ੍ਹਾਂ ਦਾ ਦੇਹਾਂਤ ਹੋਇਆ। ਉਹ ਸਾਰੀ ਉਮਰ ਸਮਾਜ ਸੇਵਾ ਦੇ ਕੰਮਾਂ ਵਿੱਚ ਜੁਟੇ ਰਹੇ ਅਤੇ ਲੋਕਾਂ ਦੀ ਮਦਦ ਕਰਦੇ ਰਹੇ।
ਅੰਤਿਮ ਅਰਦਾਸ ਐਤਵਾਰ ਨੂੰ ਹੋਵੇਗੀ ਜਿਸ ਵਿੱਚ ਵੱਡੀ ਗਿਣਤੀ ਵਿੱਚ ਸ਼ਖ਼ਸੀਅਤਾਂ ਦੇ ਪਹੁੰਚਣ ਦੀ ਸੰਭਾਵਨਾ ਹੈ। ਪਰਿਵਾਰ ਨੇ ਸਭ ਦਾ ਧੰਨਵਾਦ ਕੀਤਾ।
ਇਲਾਕੇ ਦੀਆਂ ਸਮਾਜ ਸੇਵੀ ਸੰਸਥਾਵਾਂ ਨੇ ਵੀ ਦੁੱਖ ਪ੍ਰਗਟ ਕੀਤਾ ਅਤੇ ਕਿਹਾ ਕਿ ਉਨ੍ਹਾਂ ਦੀ ਕਮੀ ਹਮੇਸ਼ਾ ਮਹਿਸੂਸ ਕੀਤੀ ਜਾਵੇਗੀ।
ਇਸ ਮੌਕੇ ਵੱਖ-ਵੱਖ ਧਾਰਮਿਕ ਤੇ ਸਮਾਜਿਕ ਜਥੇਬੰਦੀਆਂ ਦੇ ਨੁਮਾਇੰਦਿਆਂ ਨੇ ਸ਼ਰਧਾ ਦੇ ਫੁੱਲ ਭੇਟ ਕੀਤੇ ਅਤੇ ਪਰਿਵਾਰ ਨਾਲ ਦੁੱਖ ਸਾਂਝਾ ਕੀਤਾ।
ਬਟਾਲਾ, 12 ਦਸੰਬਰ (ਅਮਰਜੀਤ ਸਿੰਘ ਸਰੋਆ)- ਵਾਈ.ਐਸ. ਪਬਲਿਕ ਸਕੂਲ ਵਿਖੇ ਸਾਲਾਨਾ ਸਮਾਗਮ ਕਰਵਾਇਆ ਗਿਆ ਜਿਸ ਵਿੱਚ ਵਿਦਿਆਰਥੀਆਂ ਨੇ ਰੰਗਾਰੰਗ ਪ੍ਰੋਗਰਾਮ ਪੇਸ਼ ਕੀਤਾ। ਪ੍ਰਿੰਸੀਪਲ ਨੇ ਸਕੂਲ ਦੀ ਸਾਲਾਨਾ ਰਿਪੋਰਟ ਪੜ੍ਹੀ ਅਤੇ ਹੋਣਹਾਰ ਵਿਦਿਆਰਥੀਆਂ ਨੂੰ ਇਨਾਮ ਵੰਡੇ। ਮੁੱਖ ਮਹਿਮਾਨ ਨੇ ਵਿਦਿਆਰਥੀਆਂ ਨੂੰ ਮਿਹਨਤ ਕਰਨ ਦੀ ਪ੍ਰੇਰਨਾ ਦਿੱਤੀ। ਅੰਤ ਵਿੱਚ ਸਾਰਿਆਂ ਦਾ ਧੰਨਵਾਦ ਕੀਤਾ ਗਿਆ।
